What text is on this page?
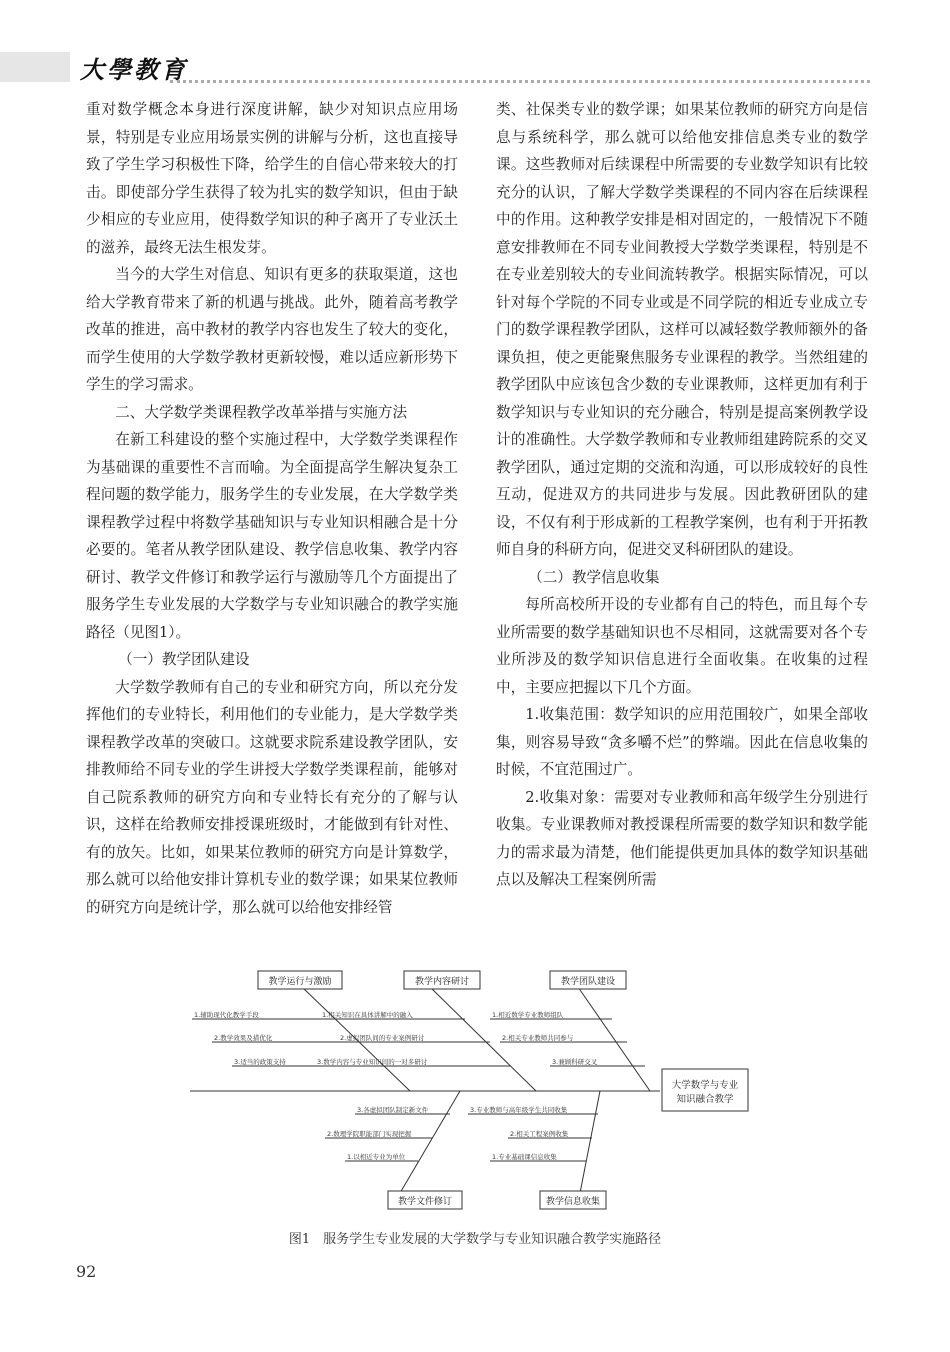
大學教育

重对数学概念本身进行深度讲解，缺少对知识点应用场景，特别是专业应用场景实例的讲解与分析，这也直接导致了学生学习积极性下降，给学生的自信心带来较大的打击。即使部分学生获得了较为扎实的数学知识，但由于缺少相应的专业应用，使得数学知识的种子离开了专业沃土的滋养，最终无法生根发芽。

当今的大学生对信息、知识有更多的获取渠道，这也给大学教育带来了新的机遇与挑战。此外，随着高考教学改革的推进，高中教材的教学内容也发生了较大的变化，而学生使用的大学数学教材更新较慢，难以适应新形势下学生的学习需求。

二、大学数学类课程教学改革举措与实施方法

在新工科建设的整个实施过程中，大学数学类课程作为基础课的重要性不言而喻。为全面提高学生解决复杂工程问题的数学能力，服务学生的专业发展，在大学数学类课程教学过程中将数学基础知识与专业知识相融合是十分必要的。笔者从教学团队建设、教学信息收集、教学内容研讨、教学文件修订和教学运行与激励等几个方面提出了服务学生专业发展的大学数学与专业知识融合的教学实施路径（见图1）。

（一）教学团队建设

大学数学教师有自己的专业和研究方向，所以充分发挥他们的专业特长，利用他们的专业能力，是大学数学类课程教学改革的突破口。这就要求院系建设教学团队，安排教师给不同专业的学生讲授大学数学类课程前，能够对自己院系教师的研究方向和专业特长有充分的了解与认识，这样在给教师安排授课班级时，才能做到有针对性、有的放矢。比如，如果某位教师的研究方向是计算数学，那么就可以给他安排计算机专业的数学课；如果某位教师的研究方向是统计学，那么就可以给他安排经管

类、社保类专业的数学课；如果某位教师的研究方向是信息与系统科学，那么就可以给他安排信息类专业的数学课。这些教师对后续课程中所需要的专业数学知识有比较充分的认识，了解大学数学类课程的不同内容在后续课程中的作用。这种教学安排是相对固定的，一般情况下不随意安排教师在不同专业间教授大学数学类课程，特别是不在专业差别较大的专业间流转教学。根据实际情况，可以针对每个学院的不同专业或是不同学院的相近专业成立专门的数学课程教学团队，这样可以减轻数学教师额外的备课负担，使之更能聚焦服务专业课程的教学。当然组建的教学团队中应该包含少数的专业课教师，这样更加有利于数学知识与专业知识的充分融合，特别是提高案例教学设计的准确性。大学数学教师和专业教师组建跨院系的交叉教学团队，通过定期的交流和沟通，可以形成较好的良性互动，促进双方的共同进步与发展。因此教研团队的建设，不仅有利于形成新的工程教学案例，也有利于开拓教师自身的科研方向，促进交叉科研团队的建设。

（二）教学信息收集

每所高校所开设的专业都有自己的特色，而且每个专业所需要的数学基础知识也不尽相同，这就需要对各个专业所涉及的数学知识信息进行全面收集。在收集的过程中，主要应把握以下几个方面。

1.收集范围：数学知识的应用范围较广，如果全部收集，则容易导致“贪多嚼不烂”的弊端。因此在信息收集的时候，不宜范围过广。

2.收集对象：需要对专业教师和高年级学生分别进行收集。专业课教师对教授课程所需要的数学知识和数学能力的需求最为清楚，他们能提供更加具体的数学知识基础点以及解决工程案例所需

大学数学与专业
知识融合教学
教学运行与激励	教学内容研讨	教学团队建设
教学文件修订	教学信息收集
1.辅助现代化教学手段
2.教学效果及措优化
3.适当的政策支持
1.相关知识在具体讲解中的融入
2.虚拟团队间的专业案例研讨
3.数学内容与专业知识间的一对多研讨
1.相近数学专业教师组队
2.相关专业教师共同参与
3.兼顾科研交叉
3.各虚拟团队制定新文件
2.数理学院职能部门实现把握
1.以相近专业为单位
3.专业教师与高年级学生共同收集
2.相关工程案例收集
1.专业基础课信息收集
图1　服务学生专业发展的大学数学与专业知识融合教学实施路径
92
